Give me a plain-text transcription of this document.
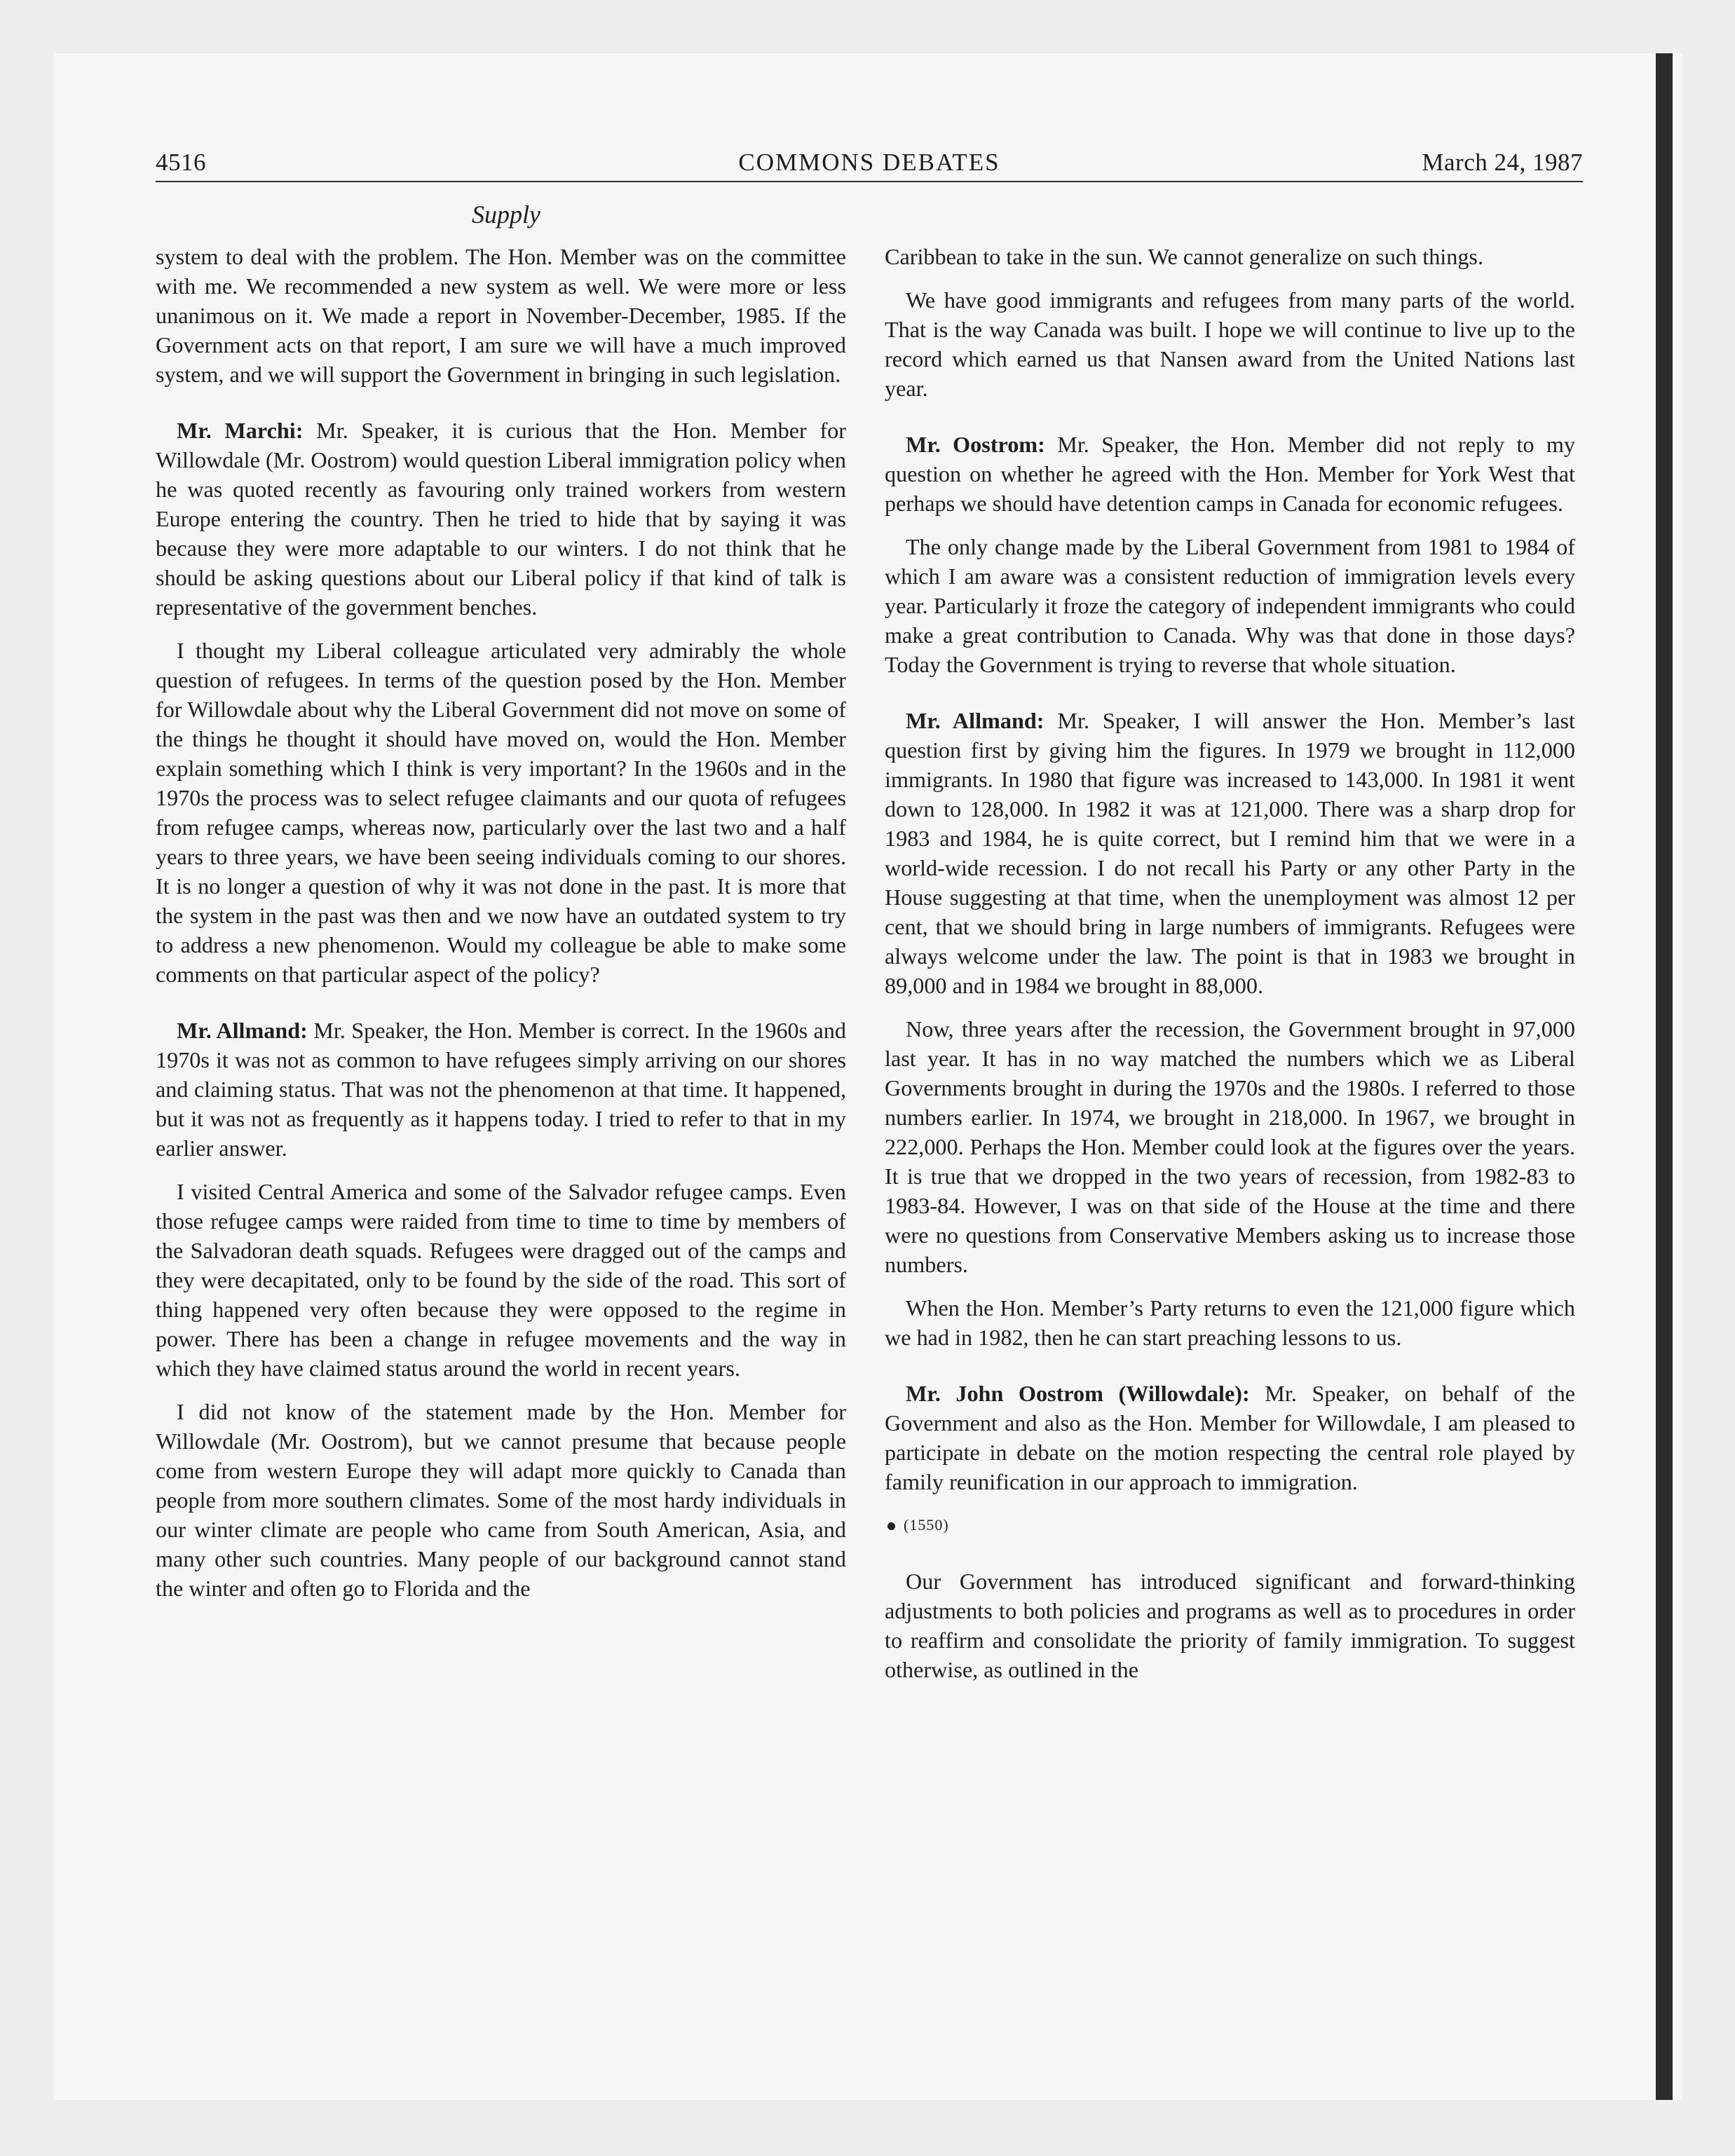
COMMONS DEBATES
4516	March 24, 1987
Supply

system to deal with the problem. The Hon. Member was on the committee with me. We recommended a new system as well. We were more or less unanimous on it. We made a report in November-December, 1985. If the Government acts on that report, I am sure we will have a much improved system, and we will support the Government in bringing in such legislation.

Mr. Marchi: Mr. Speaker, it is curious that the Hon. Member for Willowdale (Mr. Oostrom) would question Liberal immigration policy when he was quoted recently as favouring only trained workers from western Europe entering the country. Then he tried to hide that by saying it was because they were more adaptable to our winters. I do not think that he should be asking questions about our Liberal policy if that kind of talk is representative of the government benches.

I thought my Liberal colleague articulated very admirably the whole question of refugees. In terms of the question posed by the Hon. Member for Willowdale about why the Liberal Government did not move on some of the things he thought it should have moved on, would the Hon. Member explain something which I think is very important? In the 1960s and in the 1970s the process was to select refugee claimants and our quota of refugees from refugee camps, whereas now, particularly over the last two and a half years to three years, we have been seeing individuals coming to our shores. It is no longer a question of why it was not done in the past. It is more that the system in the past was then and we now have an outdated system to try to address a new phenomenon. Would my colleague be able to make some comments on that particular aspect of the policy?

Mr. Allmand: Mr. Speaker, the Hon. Member is correct. In the 1960s and 1970s it was not as common to have refugees simply arriving on our shores and claiming status. That was not the phenomenon at that time. It happened, but it was not as frequently as it happens today. I tried to refer to that in my earlier answer.

I visited Central America and some of the Salvador refugee camps. Even those refugee camps were raided from time to time to time by members of the Salvadoran death squads. Refugees were dragged out of the camps and they were decapitated, only to be found by the side of the road. This sort of thing happened very often because they were opposed to the regime in power. There has been a change in refugee movements and the way in which they have claimed status around the world in recent years.

I did not know of the statement made by the Hon. Member for Willowdale (Mr. Oostrom), but we cannot presume that because people come from western Europe they will adapt more quickly to Canada than people from more southern climates. Some of the most hardy individuals in our winter climate are people who came from South American, Asia, and many other such countries. Many people of our background cannot stand the winter and often go to Florida and the

Caribbean to take in the sun. We cannot generalize on such things.

We have good immigrants and refugees from many parts of the world. That is the way Canada was built. I hope we will continue to live up to the record which earned us that Nansen award from the United Nations last year.

Mr. Oostrom: Mr. Speaker, the Hon. Member did not reply to my question on whether he agreed with the Hon. Member for York West that perhaps we should have detention camps in Canada for economic refugees.

The only change made by the Liberal Government from 1981 to 1984 of which I am aware was a consistent reduction of immigration levels every year. Particularly it froze the category of independent immigrants who could make a great contribution to Canada. Why was that done in those days? Today the Government is trying to reverse that whole situation.

Mr. Allmand: Mr. Speaker, I will answer the Hon. Member’s last question first by giving him the figures. In 1979 we brought in 112,000 immigrants. In 1980 that figure was increased to 143,000. In 1981 it went down to 128,000. In 1982 it was at 121,000. There was a sharp drop for 1983 and 1984, he is quite correct, but I remind him that we were in a world-wide recession. I do not recall his Party or any other Party in the House suggesting at that time, when the unemployment was almost 12 per cent, that we should bring in large numbers of immigrants. Refugees were always welcome under the law. The point is that in 1983 we brought in 89,000 and in 1984 we brought in 88,000.

Now, three years after the recession, the Government brought in 97,000 last year. It has in no way matched the numbers which we as Liberal Governments brought in during the 1970s and the 1980s. I referred to those numbers earlier. In 1974, we brought in 218,000. In 1967, we brought in 222,000. Perhaps the Hon. Member could look at the figures over the years. It is true that we dropped in the two years of recession, from 1982-83 to 1983-84. However, I was on that side of the House at the time and there were no questions from Conservative Members asking us to increase those numbers.

When the Hon. Member’s Party returns to even the 121,000 figure which we had in 1982, then he can start preaching lessons to us.

Mr. John Oostrom (Willowdale): Mr. Speaker, on behalf of the Government and also as the Hon. Member for Willowdale, I am pleased to participate in debate on the motion respecting the central role played by family reunification in our approach to immigration.

(1550)

Our Government has introduced significant and forward-thinking adjustments to both policies and programs as well as to procedures in order to reaffirm and consolidate the priority of family immigration. To suggest otherwise, as outlined in the
